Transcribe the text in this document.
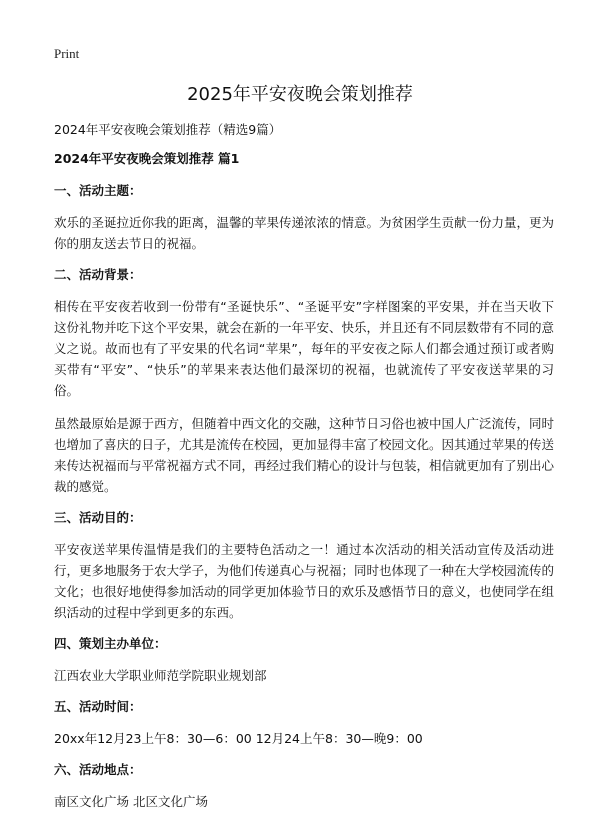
Print
2025年平安夜晚会策划推荐

2024年平安夜晚会策划推荐（精选9篇）

2024年平安夜晚会策划推荐 篇1

一、活动主题：

欢乐的圣诞拉近你我的距离，温馨的苹果传递浓浓的情意。为贫困学生贡献一份力量，更为你的朋友送去节日的祝福。

二、活动背景：

相传在平安夜若收到一份带有“圣诞快乐”、“圣诞平安”字样图案的平安果，并在当天收下这份礼物并吃下这个平安果，就会在新的一年平安、快乐，并且还有不同层数带有不同的意义之说。故而也有了平安果的代名词“苹果”，每年的平安夜之际人们都会通过预订或者购买带有“平安”、“快乐”的苹果来表达他们最深切的祝福，也就流传了平安夜送苹果的习俗。

虽然最原始是源于西方，但随着中西文化的交融，这种节日习俗也被中国人广泛流传，同时也增加了喜庆的日子，尤其是流传在校园，更加显得丰富了校园文化。因其通过苹果的传送来传达祝福而与平常祝福方式不同，再经过我们精心的设计与包装，相信就更加有了别出心裁的感觉。

三、活动目的：

平安夜送苹果传温情是我们的主要特色活动之一！通过本次活动的相关活动宣传及活动进行，更多地服务于农大学子，为他们传递真心与祝福；同时也体现了一种在大学校园流传的文化；也很好地使得参加活动的同学更加体验节日的欢乐及感悟节日的意义，也使同学在组织活动的过程中学到更多的东西。

四、策划主办单位：

江西农业大学职业师范学院职业规划部

五、活动时间：

20xx年12月23上午8：30—6：00 12月24上午8：30—晚9：00

六、活动地点：

南区文化广场 北区文化广场
